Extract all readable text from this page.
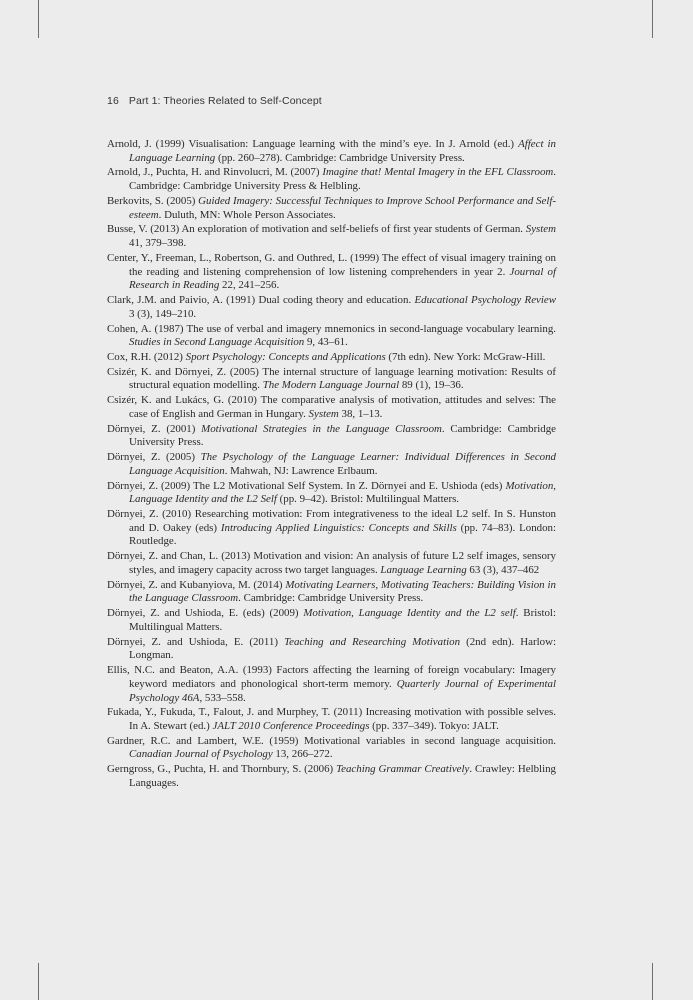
16 Part 1: Theories Related to Self-Concept
Arnold, J. (1999) Visualisation: Language learning with the mind’s eye. In J. Arnold (ed.) Affect in Language Learning (pp. 260–278). Cambridge: Cambridge University Press.
Arnold, J., Puchta, H. and Rinvolucri, M. (2007) Imagine that! Mental Imagery in the EFL Classroom. Cambridge: Cambridge University Press & Helbling.
Berkovits, S. (2005) Guided Imagery: Successful Techniques to Improve School Performance and Self-esteem. Duluth, MN: Whole Person Associates.
Busse, V. (2013) An exploration of motivation and self-beliefs of first year students of German. System 41, 379–398.
Center, Y., Freeman, L., Robertson, G. and Outhred, L. (1999) The effect of visual imagery training on the reading and listening comprehension of low listening comprehenders in year 2. Journal of Research in Reading 22, 241–256.
Clark, J.M. and Paivio, A. (1991) Dual coding theory and education. Educational Psychology Review 3 (3), 149–210.
Cohen, A. (1987) The use of verbal and imagery mnemonics in second-language vocabulary learning. Studies in Second Language Acquisition 9, 43–61.
Cox, R.H. (2012) Sport Psychology: Concepts and Applications (7th edn). New York: McGraw-Hill.
Csizér, K. and Dörnyei, Z. (2005) The internal structure of language learning motivation: Results of structural equation modelling. The Modern Language Journal 89 (1), 19–36.
Csizér, K. and Lukács, G. (2010) The comparative analysis of motivation, attitudes and selves: The case of English and German in Hungary. System 38, 1–13.
Dörnyei, Z. (2001) Motivational Strategies in the Language Classroom. Cambridge: Cambridge University Press.
Dörnyei, Z. (2005) The Psychology of the Language Learner: Individual Differences in Second Language Acquisition. Mahwah, NJ: Lawrence Erlbaum.
Dörnyei, Z. (2009) The L2 Motivational Self System. In Z. Dörnyei and E. Ushioda (eds) Motivation, Language Identity and the L2 Self (pp. 9–42). Bristol: Multilingual Matters.
Dörnyei, Z. (2010) Researching motivation: From integrativeness to the ideal L2 self. In S. Hunston and D. Oakey (eds) Introducing Applied Linguistics: Concepts and Skills (pp. 74–83). London: Routledge.
Dörnyei, Z. and Chan, L. (2013) Motivation and vision: An analysis of future L2 self images, sensory styles, and imagery capacity across two target languages. Language Learning 63 (3), 437–462
Dörnyei, Z. and Kubanyiova, M. (2014) Motivating Learners, Motivating Teachers: Building Vision in the Language Classroom. Cambridge: Cambridge University Press.
Dörnyei, Z. and Ushioda, E. (eds) (2009) Motivation, Language Identity and the L2 self. Bristol: Multilingual Matters.
Dörnyei, Z. and Ushioda, E. (2011) Teaching and Researching Motivation (2nd edn). Harlow: Longman.
Ellis, N.C. and Beaton, A.A. (1993) Factors affecting the learning of foreign vocabulary: Imagery keyword mediators and phonological short-term memory. Quarterly Journal of Experimental Psychology 46A, 533–558.
Fukada, Y., Fukuda, T., Falout, J. and Murphey, T. (2011) Increasing motivation with possible selves. In A. Stewart (ed.) JALT 2010 Conference Proceedings (pp. 337–349). Tokyo: JALT.
Gardner, R.C. and Lambert, W.E. (1959) Motivational variables in second language acquisition. Canadian Journal of Psychology 13, 266–272.
Gerngross, G., Puchta, H. and Thornbury, S. (2006) Teaching Grammar Creatively. Crawley: Helbling Languages.
